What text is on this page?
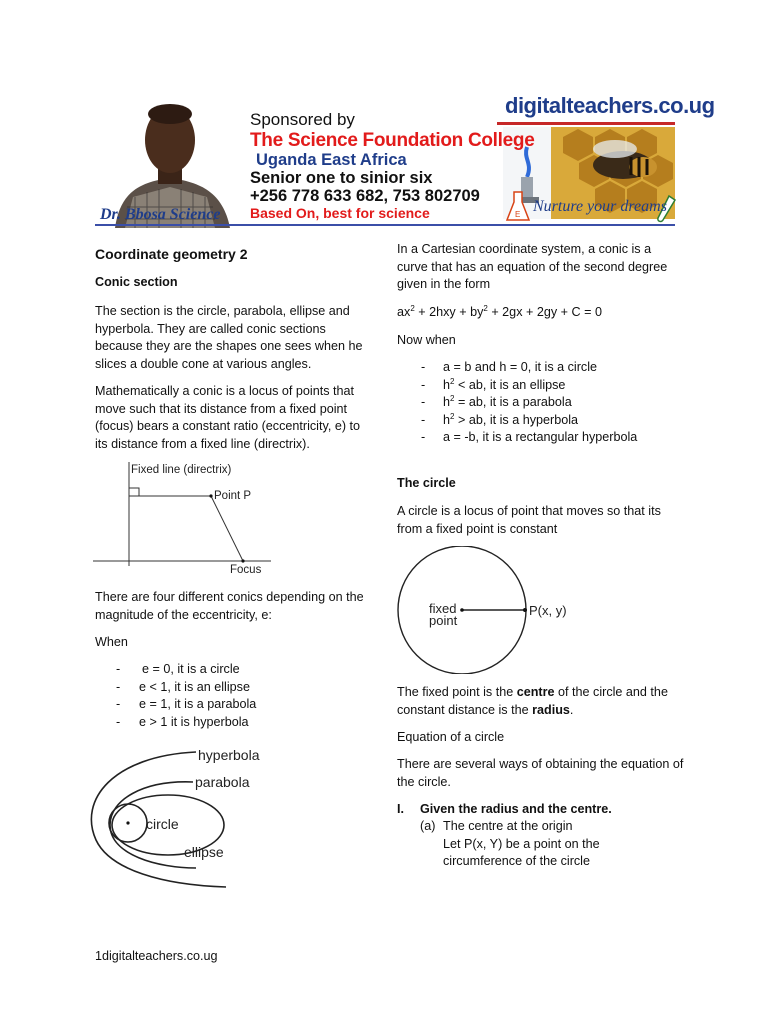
E
Sponsored by
The Science Foundation College
Uganda East Africa
Senior one to sinior six
+256 778 633 682, 753 802709
Based On, best for science
Dr. Bbosa Science
digitalteachers.co.ug
Nurture your dreams
Coordinate geometry 2
Conic section

The section is the circle, parabola, ellipse and hyperbola. They are called conic sections because they are the shapes one sees when he slices a double cone at various angles.

Mathematically a conic is a locus of points that move such that its distance from a fixed point (focus) bears a constant ratio (eccentricity, e) to its distance from a fixed line (directrix).

Fixed line (directrix)
Point P
Focus

There are four different conics depending on the magnitude of the eccentricity, e:

When

- e = 0, it is a circle
- e < 1, it is an ellipse
- e = 1, it is a parabola
- e > 1 it is hyperbola
hyperbola
parabola
circle
ellipse

In a Cartesian coordinate system, a conic is a curve that has an equation of the second degree given in the form

$ax^2 + 2hxy + by^2 + 2gx + 2gy + C = 0$

Now when

- a = b and h = 0, it is a circle
- $h^2$ < ab, it is an ellipse
- $h^2$ = ab, it is a parabola
- $h^2$ > ab, it is a hyperbola
- a = -b, it is a rectangular hyperbola
The circle

A circle is a locus of point that moves so that its from a fixed point is constant

fixed
point
P(x, y)

The fixed point is the centre of the circle and the constant distance is the radius.

Equation of a circle

There are several ways of obtaining the equation of the circle.

I. Given the radius and the centre.

(a) The centre at the origin

Let P(x, Y) be a point on the

circumference of the circle

1digitalteachers.co.ug
